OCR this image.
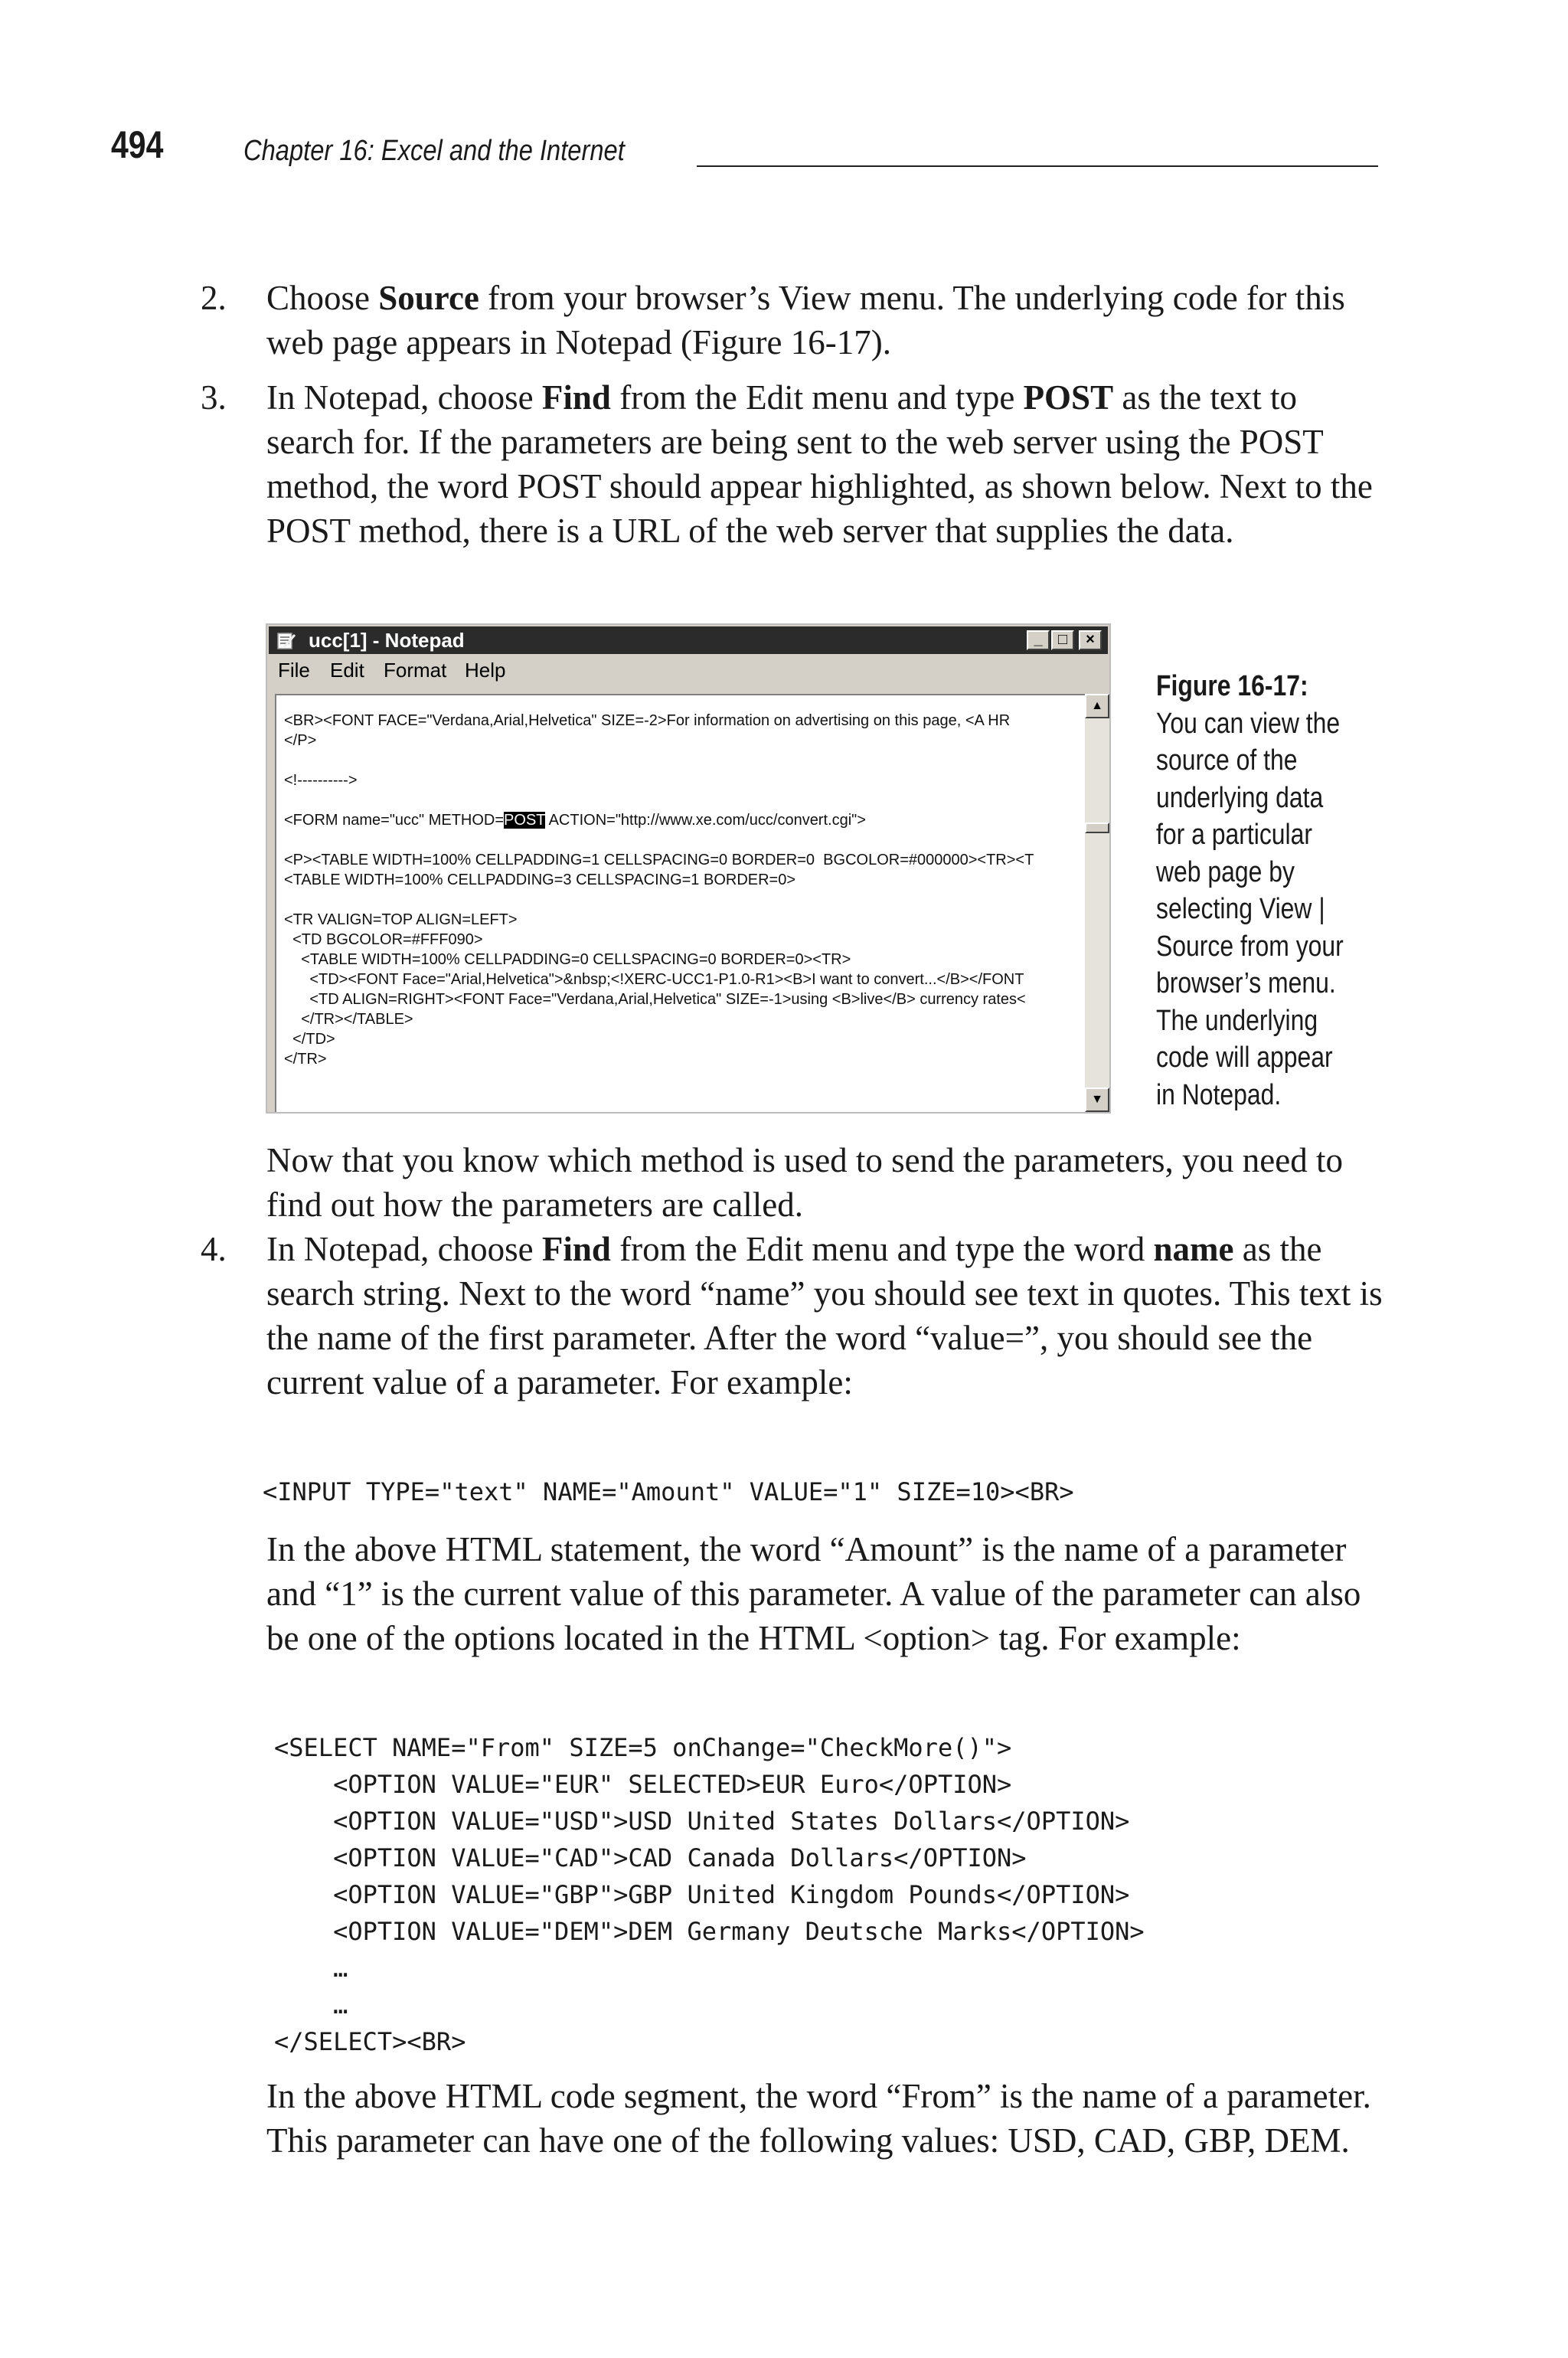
494	Chapter 16: Excel and the Internet
2. Choose Source from your browser’s View menu. The underlying code for this web page appears in Notepad (Figure 16-17).

3. In Notepad, choose Find from the Edit menu and type POST as the text to search for. If the parameters are being sent to the web server using the POST method, the word POST should appear highlighted, as shown below. Next to the POST method, there is a URL of the web server that supplies the data.

ucc[1] - Notepad	_	□	×
File Edit Format Help
<BR><FONT FACE="Verdana,Arial,Helvetica" SIZE=-2>For information on advertising on this page, <A HR
</P>
<!---------->
<FORM name="ucc" METHOD=POST ACTION="http://www.xe.com/ucc/convert.cgi">
<P><TABLE WIDTH=100% CELLPADDING=1 CELLSPACING=0 BORDER=0  BGCOLOR=#000000><TR><T
<TABLE WIDTH=100% CELLPADDING=3 CELLSPACING=1 BORDER=0>
<TR VALIGN=TOP ALIGN=LEFT>
<TD BGCOLOR=#FFF090>
<TABLE WIDTH=100% CELLPADDING=0 CELLSPACING=0 BORDER=0><TR>
<TD><FONT Face="Arial,Helvetica">&nbsp;<!XERC-UCC1-P1.0-R1><B>I want to convert...</B></FONT
<TD ALIGN=RIGHT><FONT Face="Verdana,Arial,Helvetica" SIZE=-1>using <B>live</B> currency rates<
</TR></TABLE>
</TD>
</TR>
▲
▼
Figure 16-17:
You can view the
source of the
underlying data
for a particular
web page by
selecting View |
Source from your
browser’s menu.
The underlying
code will appear
in Notepad.

Now that you know which method is used to send the parameters, you need to find out how the parameters are called.

4. In Notepad, choose Find from the Edit menu and type the word name as the search string. Next to the word “name” you should see text in quotes. This text is the name of the first parameter. After the word “value=”, you should see the current value of a parameter. For example:

<INPUT TYPE="text" NAME="Amount" VALUE="1" SIZE=10><BR>

In the above HTML statement, the word “Amount” is the name of a parameter and “1” is the current value of this parameter. A value of the parameter can also be one of the options located in the HTML <option> tag. For example:

<SELECT NAME="From" SIZE=5 onChange="CheckMore()">
<OPTION VALUE="EUR" SELECTED>EUR Euro</OPTION>
<OPTION VALUE="USD">USD United States Dollars</OPTION>
<OPTION VALUE="CAD">CAD Canada Dollars</OPTION>
<OPTION VALUE="GBP">GBP United Kingdom Pounds</OPTION>
<OPTION VALUE="DEM">DEM Germany Deutsche Marks</OPTION>
…
…
</SELECT><BR>

In the above HTML code segment, the word “From” is the name of a parameter. This parameter can have one of the following values: USD, CAD, GBP, DEM.
